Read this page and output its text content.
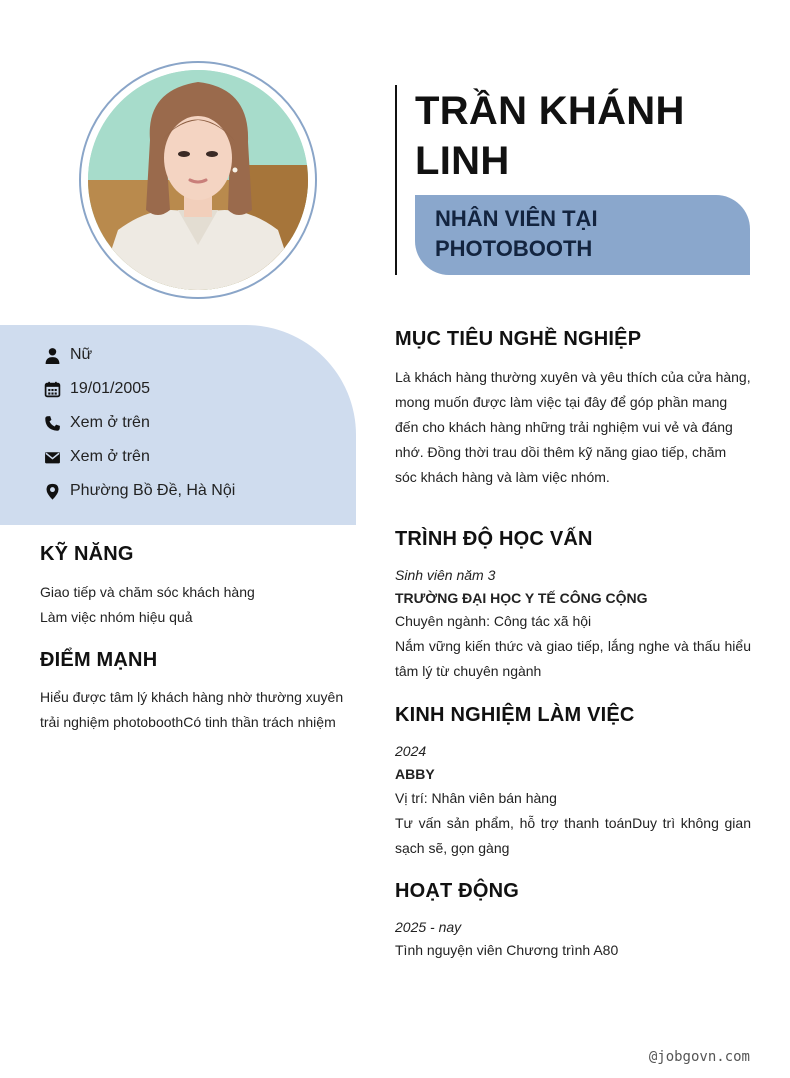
TRẦN KHÁNH LINH
NHÂN VIÊN TẠI PHOTOBOOTH
Nữ
19/01/2005
Xem ở trên
Xem ở trên
Phường Bồ Đề, Hà Nội
KỸ NĂNG
Giao tiếp và chăm sóc khách hàng
Làm việc nhóm hiệu quả
ĐIỂM MẠNH
Hiểu được tâm lý khách hàng nhờ thường xuyên trải nghiệm photoboothCó tinh thần trách nhiệm
MỤC TIÊU NGHỀ NGHIỆP
Là khách hàng thường xuyên và yêu thích của cửa hàng, mong muốn được làm việc tại đây để góp phần mang đến cho khách hàng những trải nghiệm vui vẻ và đáng nhớ. Đồng thời trau dồi thêm kỹ năng giao tiếp, chăm sóc khách hàng và làm việc nhóm.
TRÌNH ĐỘ HỌC VẤN
Sinh viên năm 3
TRƯỜNG ĐẠI HỌC Y TẾ CÔNG CỘNG
Chuyên ngành: Công tác xã hội
Nắm vững kiến thức và giao tiếp, lắng nghe và thấu hiểu tâm lý từ chuyên ngành
KINH NGHIỆM LÀM VIỆC
2024
ABBY
Vị trí: Nhân viên bán hàng
Tư vấn sản phẩm, hỗ trợ thanh toánDuy trì không gian sạch sẽ, gọn gàng
HOẠT ĐỘNG
2025 - nay
Tình nguyện viên Chương trình A80
@jobgovn.com
